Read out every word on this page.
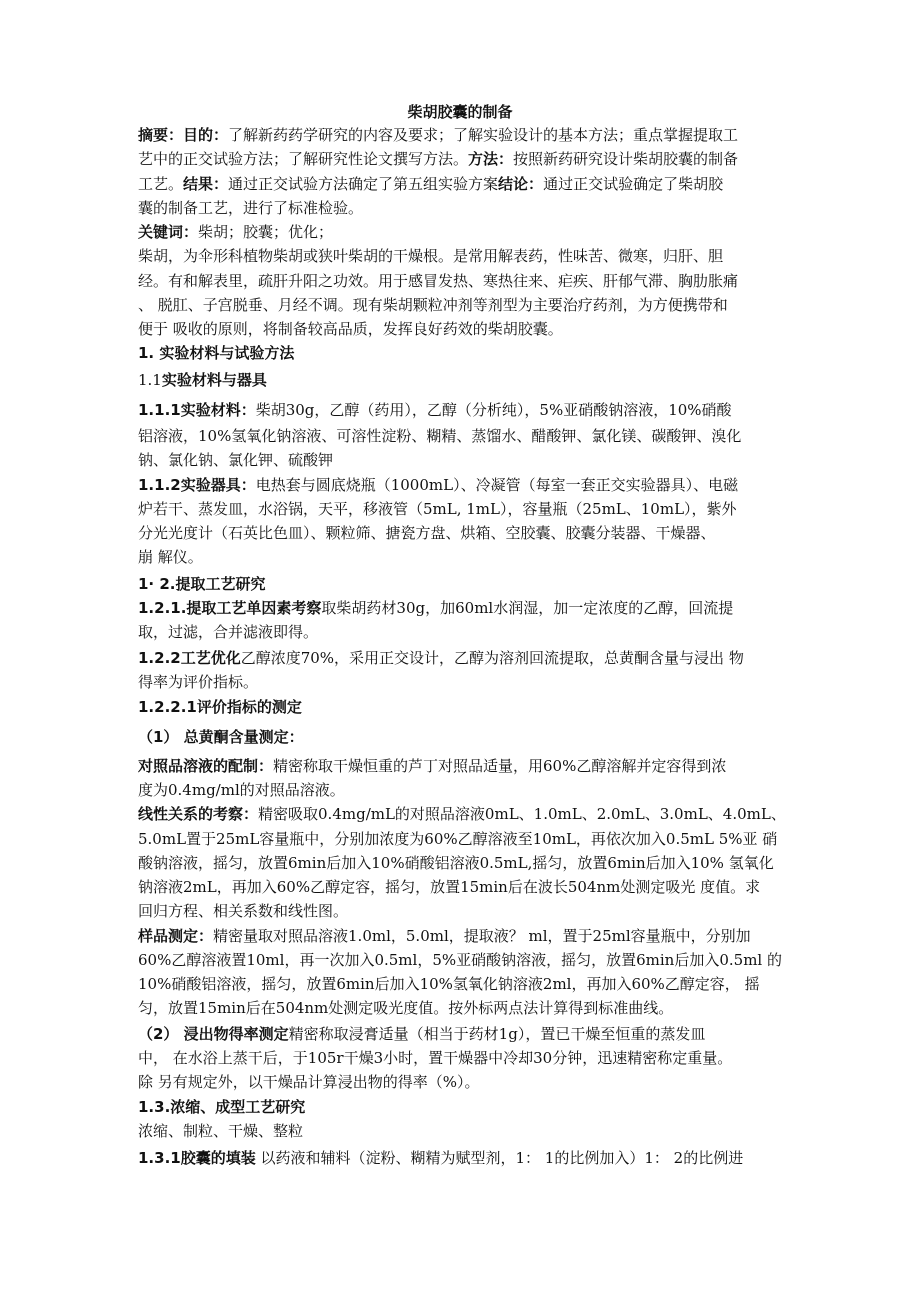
柴胡胶囊的制备
摘要：目的：了解新药药学研究的内容及要求；了解实验设计的基本方法；重点掌握提取工
艺中的正交试验方法；了解研究性论文撰写方法。方法：按照新药研究设计柴胡胶囊的制备
工艺。结果：通过正交试验方法确定了第五组实验方案结论：通过正交试验确定了柴胡胶
囊的制备工艺，进行了标准检验。
关键词：柴胡；胶囊；优化；
柴胡，为伞形科植物柴胡或狭叶柴胡的干燥根。是常用解表药，性味苦、微寒，归肝、胆
经。有和解表里，疏肝升阳之功效。用于感冒发热、寒热往来、疟疾、肝郁气滞、胸肋胀痛
、 脱肛、子宫脱垂、月经不调。现有柴胡颗粒冲剂等剂型为主要治疗药剂，为方便携带和
便于 吸收的原则，将制备较高品质，发挥良好药效的柴胡胶囊。
1. 实验材料与试验方法
1.1实验材料与器具
1.1.1实验材料：柴胡30g，乙醇（药用），乙醇（分析纯），5%亚硝酸钠溶液，10%硝酸
铝溶液，10%氢氧化钠溶液、可溶性淀粉、糊精、蒸馏水、醋酸钾、氯化镁、碳酸钾、溴化
钠、氯化钠、氯化钾、硫酸钾
1.1.2实验器具：电热套与圆底烧瓶（1000mL）、冷凝管（每室一套正交实验器具）、电磁
炉若干、蒸发皿，水浴锅，天平，移液管（5mL, 1mL），容量瓶（25mL、10mL），紫外
分光光度计（石英比色皿）、颗粒筛、搪瓷方盘、烘箱、空胶囊、胶囊分装器、干燥器、
崩 解仪。
1· 2.提取工艺研究
1.2.1.提取工艺单因素考察取柴胡药材30g，加60ml水润湿，加一定浓度的乙醇，回流提
取，过滤，合并滤液即得。
1.2.2工艺优化乙醇浓度70%，采用正交设计，乙醇为溶剂回流提取，总黄酮含量与浸出 物
得率为评价指标。
1.2.2.1评价指标的测定
（1） 总黄酮含量测定：
对照品溶液的配制：精密称取干燥恒重的芦丁对照品适量，用60%乙醇溶解并定容得到浓
度为0.4mg/ml的对照品溶液。
线性关系的考察：精密吸取0.4mg/mL的对照品溶液0mL、1.0mL、2.0mL、3.0mL、4.0mL、
5.0mL置于25mL容量瓶中，分别加浓度为60%乙醇溶液至10mL，再依次加入0.5mL 5%亚 硝
酸钠溶液，摇匀，放置6min后加入10%硝酸铝溶液0.5mL,摇匀，放置6min后加入10% 氢氧化
钠溶液2mL，再加入60%乙醇定容，摇匀，放置15min后在波长504nm处测定吸光 度值。求
回归方程、相关系数和线性图。
样品测定：精密量取对照品溶液1.0ml，5.0ml，提取液？ ml，置于25ml容量瓶中，分别加
60%乙醇溶液置10ml，再一次加入0.5ml，5%亚硝酸钠溶液，摇匀，放置6min后加入0.5ml 的
10%硝酸铝溶液，摇匀，放置6min后加入10%氢氧化钠溶液2ml，再加入60%乙醇定容， 摇
匀，放置15min后在504nm处测定吸光度值。按外标两点法计算得到标准曲线。
（2） 浸出物得率测定精密称取浸膏适量（相当于药材1g），置已干燥至恒重的蒸发皿
中， 在水浴上蒸干后，于105r干燥3小时，置干燥器中冷却30分钟，迅速精密称定重量。
除 另有规定外，以干燥品计算浸出物的得率（%）。
1.3.浓缩、成型工艺研究
浓缩、制粒、干燥、整粒
1.3.1胶囊的填装 以药液和辅料（淀粉、糊精为赋型剂，1： 1的比例加入）1： 2的比例进
